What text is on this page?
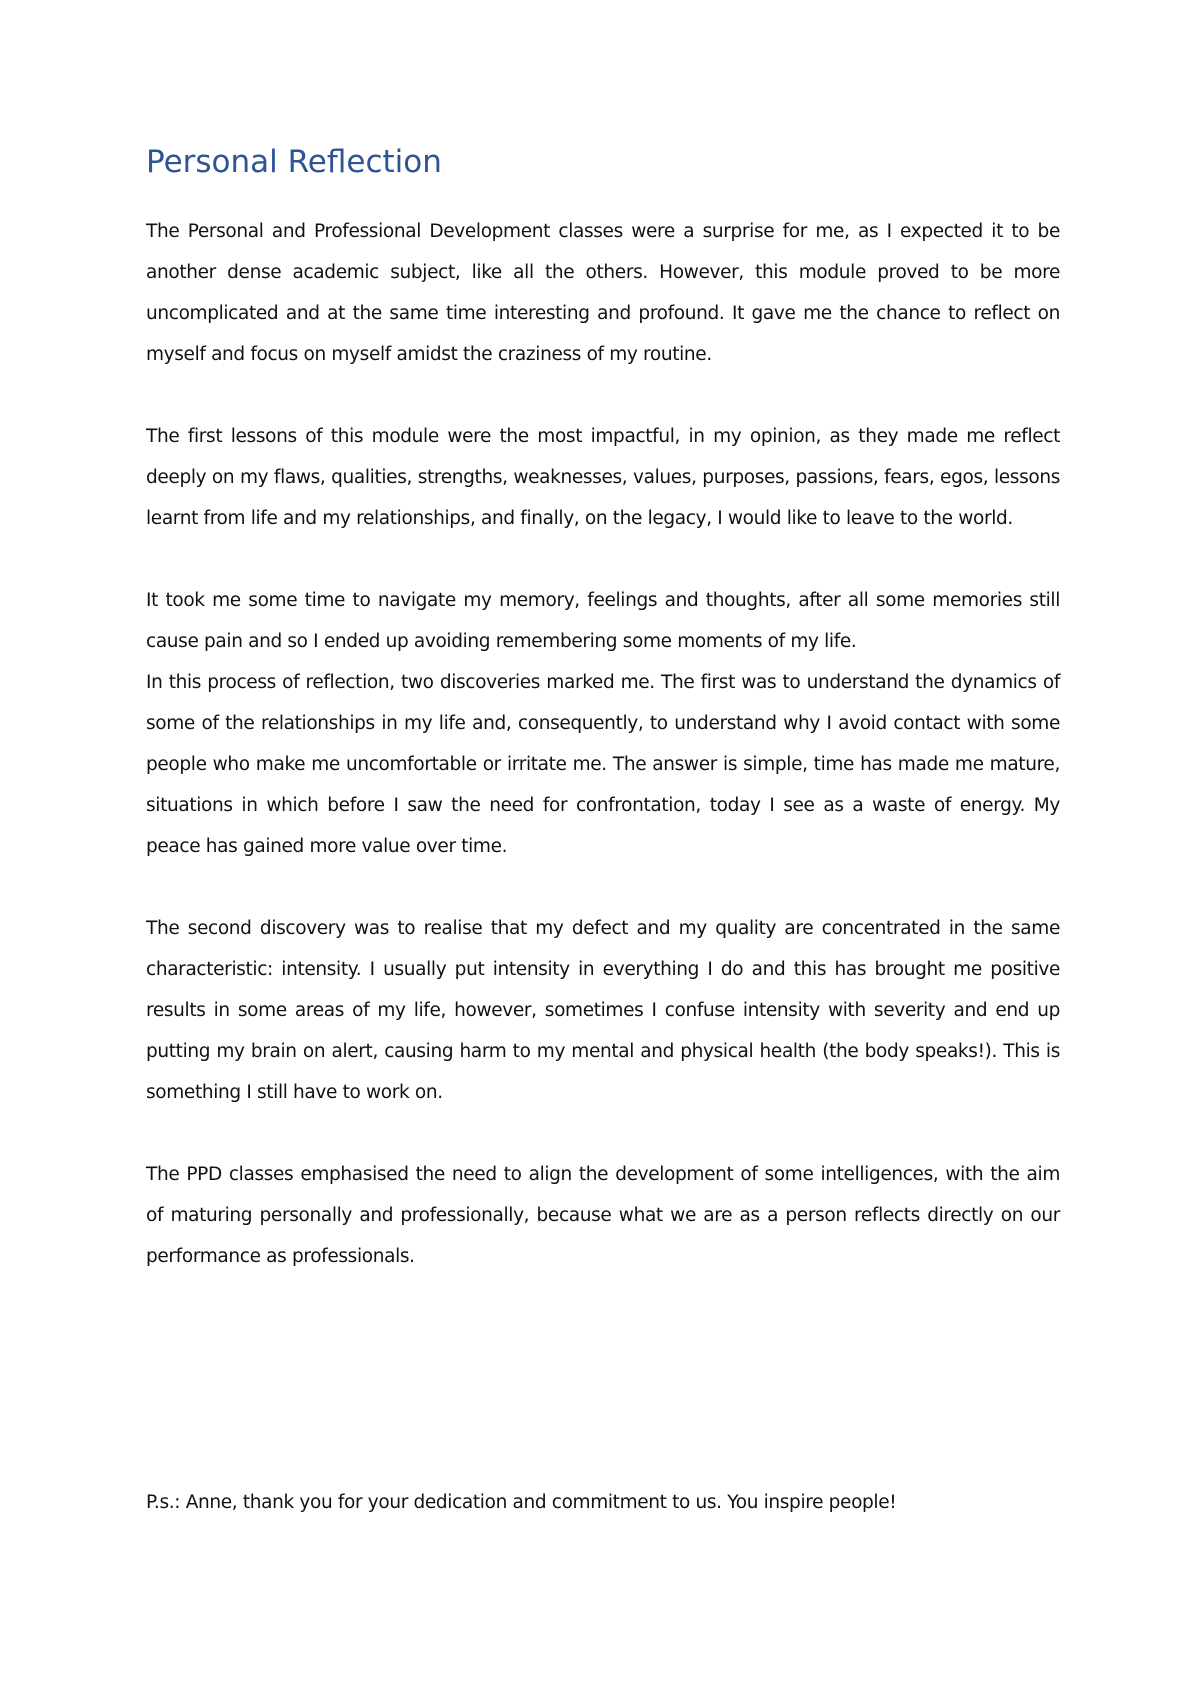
Personal Reflection

The Personal and Professional Development classes were a surprise for me, as I expected it to be another dense academic subject, like all the others. However, this module proved to be more uncomplicated and at the same time interesting and profound. It gave me the chance to reflect on myself and focus on myself amidst the craziness of my routine.

The first lessons of this module were the most impactful, in my opinion, as they made me reflect deeply on my flaws, qualities, strengths, weaknesses, values, purposes, passions, fears, egos, lessons learnt from life and my relationships, and finally, on the legacy, I would like to leave to the world.

It took me some time to navigate my memory, feelings and thoughts, after all some memories still cause pain and so I ended up avoiding remembering some moments of my life.

In this process of reflection, two discoveries marked me. The first was to understand the dynamics of some of the relationships in my life and, consequently, to understand why I avoid contact with some people who make me uncomfortable or irritate me. The answer is simple, time has made me mature, situations in which before I saw the need for confrontation, today I see as a waste of energy. My peace has gained more value over time.

The second discovery was to realise that my defect and my quality are concentrated in the same characteristic: intensity. I usually put intensity in everything I do and this has brought me positive results in some areas of my life, however, sometimes I confuse intensity with severity and end up putting my brain on alert, causing harm to my mental and physical health (the body speaks!). This is something I still have to work on.

The PPD classes emphasised the need to align the development of some intelligences, with the aim of maturing personally and professionally, because what we are as a person reflects directly on our performance as professionals.

P.s.: Anne, thank you for your dedication and commitment to us. You inspire people!
